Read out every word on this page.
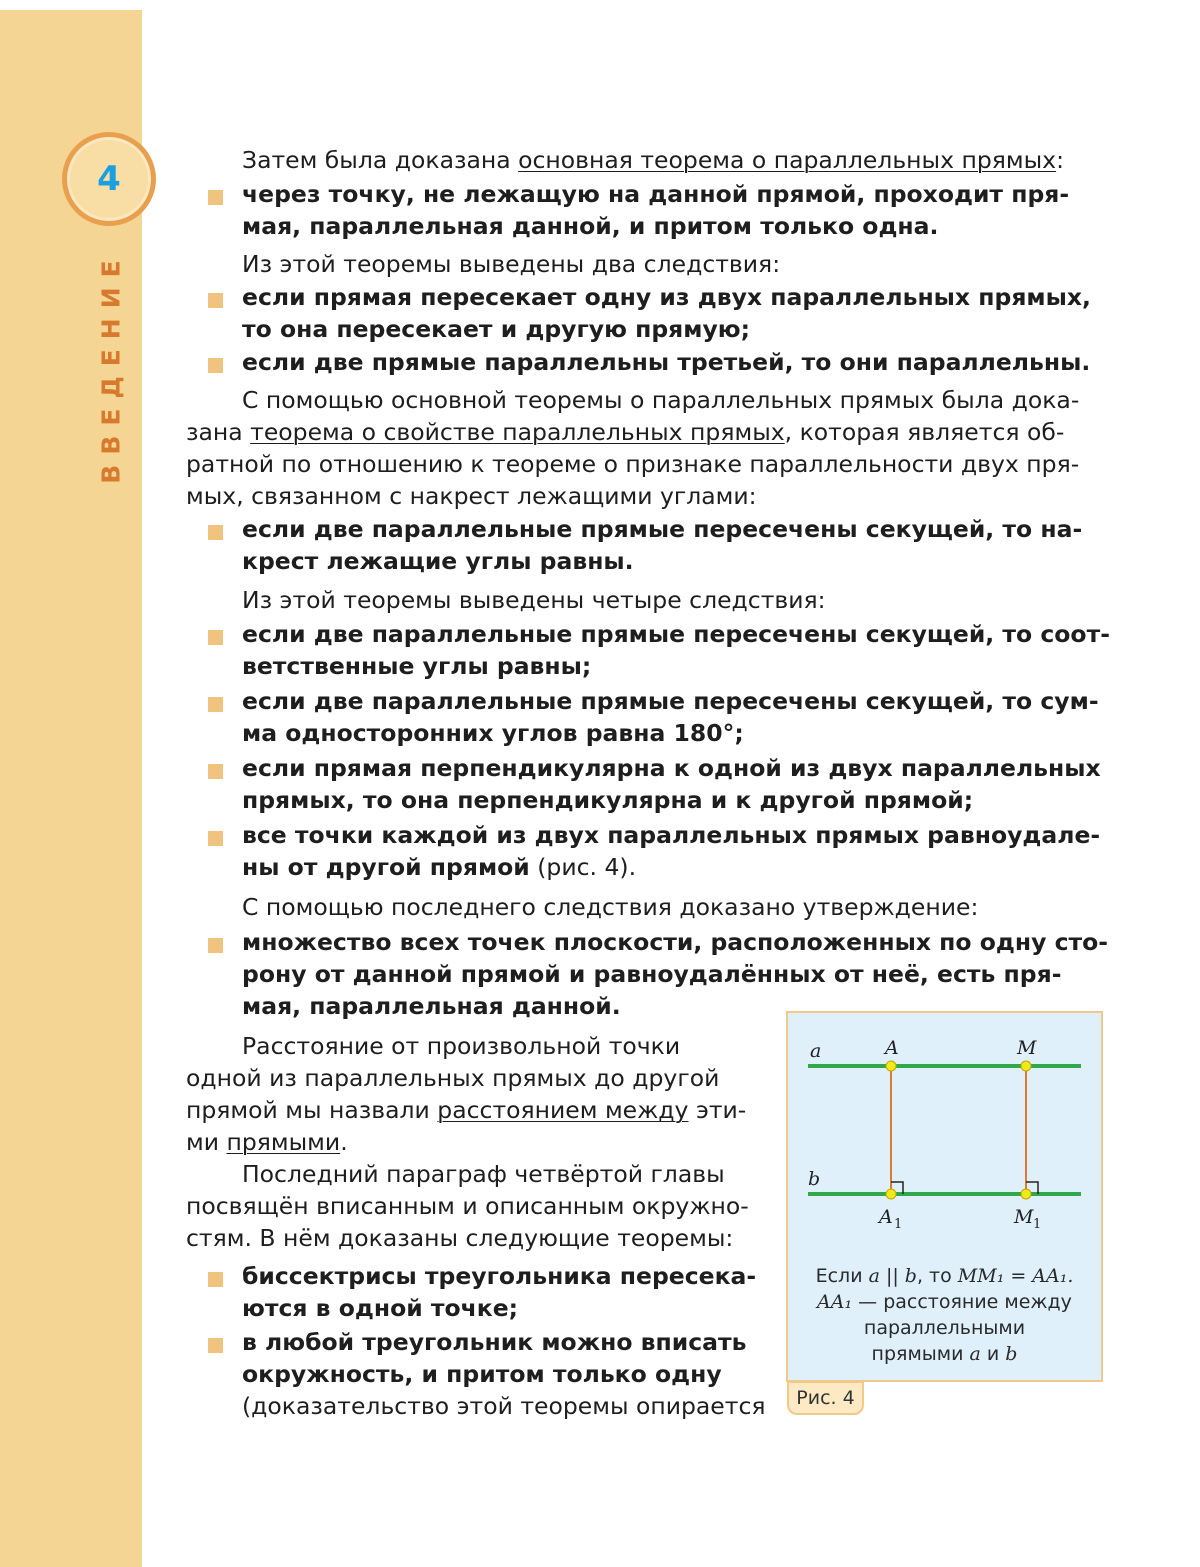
4
ВВЕДЕНИЕ
Затем была доказана основная теорема о параллельных прямых:
через точку, не лежащую на данной прямой, проходит пря-
мая, параллельная данной, и притом только одна.
Из этой теоремы выведены два следствия:
если прямая пересекает одну из двух параллельных прямых,
то она пересекает и другую прямую;
если две прямые параллельны третьей, то они параллельны.
С помощью основной теоремы о параллельных прямых была дока-
зана теорема о свойстве параллельных прямых, которая является об-
ратной по отношению к теореме о признаке параллельности двух пря-
мых, связанном с накрест лежащими углами:
если две параллельные прямые пересечены секущей, то на-
крест лежащие углы равны.
Из этой теоремы выведены четыре следствия:
если две параллельные прямые пересечены секущей, то соот-
ветственные углы равны;
если две параллельные прямые пересечены секущей, то сум-
ма односторонних углов равна 180°;
если прямая перпендикулярна к одной из двух параллельных
прямых, то она перпендикулярна и к другой прямой;
все точки каждой из двух параллельных прямых равноудале-
ны от другой прямой (рис. 4).
С помощью последнего следствия доказано утверждение:
множество всех точек плоскости, расположенных по одну сто-
рону от данной прямой и равноудалённых от неё, есть пря-
мая, параллельная данной.
Расстояние от произвольной точки
одной из параллельных прямых до другой
прямой мы назвали расстоянием между эти-
ми прямыми.
Последний параграф четвёртой главы
посвящён вписанным и описанным окружно-
стям. В нём доказаны следующие теоремы:
биссектрисы треугольника пересека-
ются в одной точке;
в любой треугольник можно вписать
окружность, и притом только одну
(доказательство этой теоремы опирается
a
b
A	M
A 1	M 1
Если a || b, то MM₁ = AA₁.
AA₁ — расстояние между
параллельными
прямыми a и b
Рис. 4
